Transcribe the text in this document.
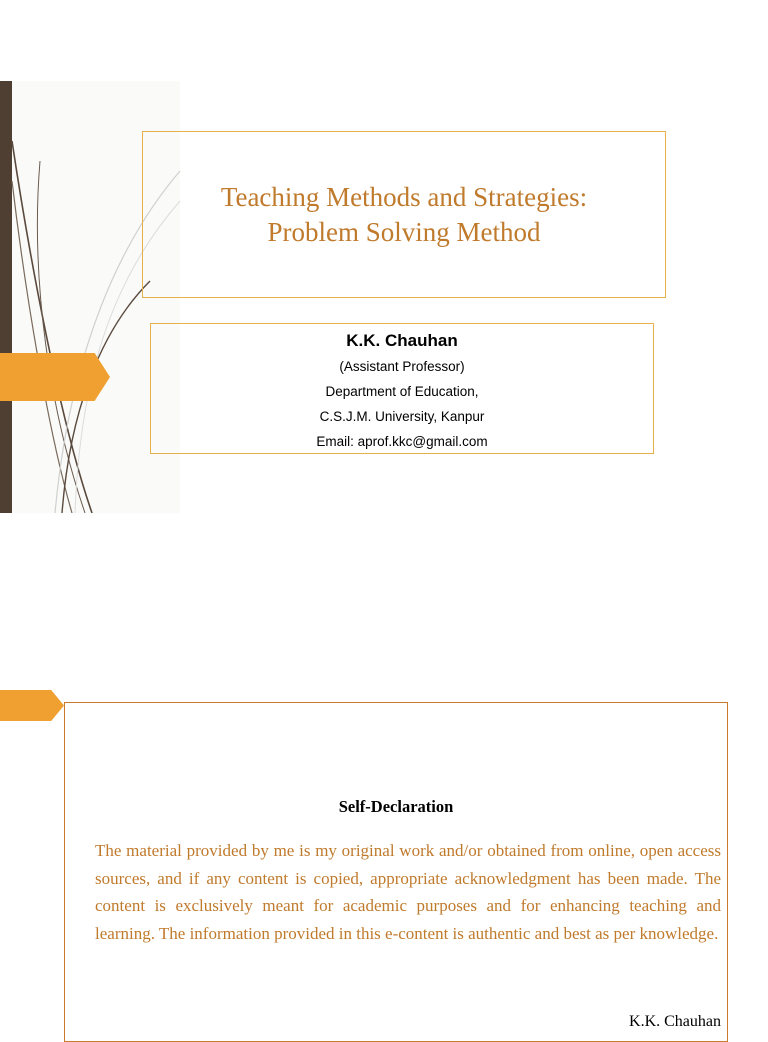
Teaching Methods and Strategies:
Problem Solving Method
K.K. Chauhan
(Assistant Professor)
Department of Education,
C.S.J.M. University, Kanpur
Email: aprof.kkc@gmail.com
Self-Declaration

The material provided by me is my original work and/or obtained from online, open access sources, and if any content is copied, appropriate acknowledgment has been made. The content is exclusively meant for academic purposes and for enhancing teaching and learning. The information provided in this e-content is authentic and best as per knowledge.

K.K. Chauhan
